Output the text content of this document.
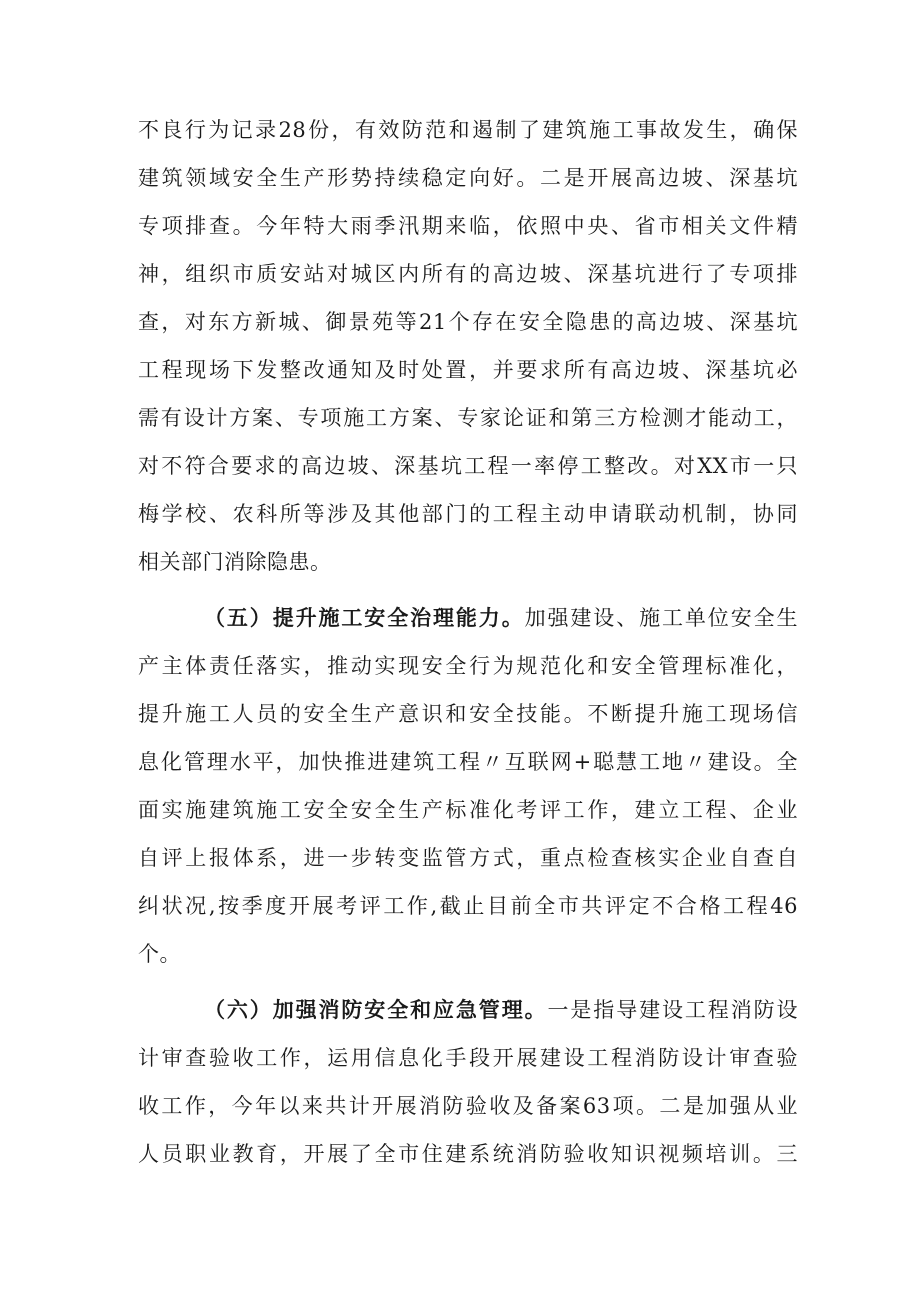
不良行为记录28份，有效防范和遏制了建筑施工事故发生，确保
建筑领域安全生产形势持续稳定向好。二是开展高边坡、深基坑
专项排查。今年特大雨季汛期来临，依照中央、省市相关文件精
神，组织市质安站对城区内所有的高边坡、深基坑进行了专项排
查，对东方新城、御景苑等21个存在安全隐患的高边坡、深基坑
工程现场下发整改通知及时处置，并要求所有高边坡、深基坑必
需有设计方案、专项施工方案、专家论证和第三方检测才能动工，
对不符合要求的高边坡、深基坑工程一率停工整改。对XX市一只
梅学校、农科所等涉及其他部门的工程主动申请联动机制，协同
相关部门消除隐患。
（五）提升施工安全治理能力。加强建设、施工单位安全生
产主体责任落实，推动实现安全行为规范化和安全管理标准化，
提升施工人员的安全生产意识和安全技能。不断提升施工现场信
息化管理水平，加快推进建筑工程〃互联网+聪慧工地〃建设。全
面实施建筑施工安全安全生产标准化考评工作，建立工程、企业
自评上报体系，进一步转变监管方式，重点检查核实企业自查自
纠状况,按季度开展考评工作,截止目前全市共评定不合格工程46
个。
（六）加强消防安全和应急管理。一是指导建设工程消防设
计审查验收工作，运用信息化手段开展建设工程消防设计审查验
收工作，今年以来共计开展消防验收及备案63项。二是加强从业
人员职业教育，开展了全市住建系统消防验收知识视频培训。三
